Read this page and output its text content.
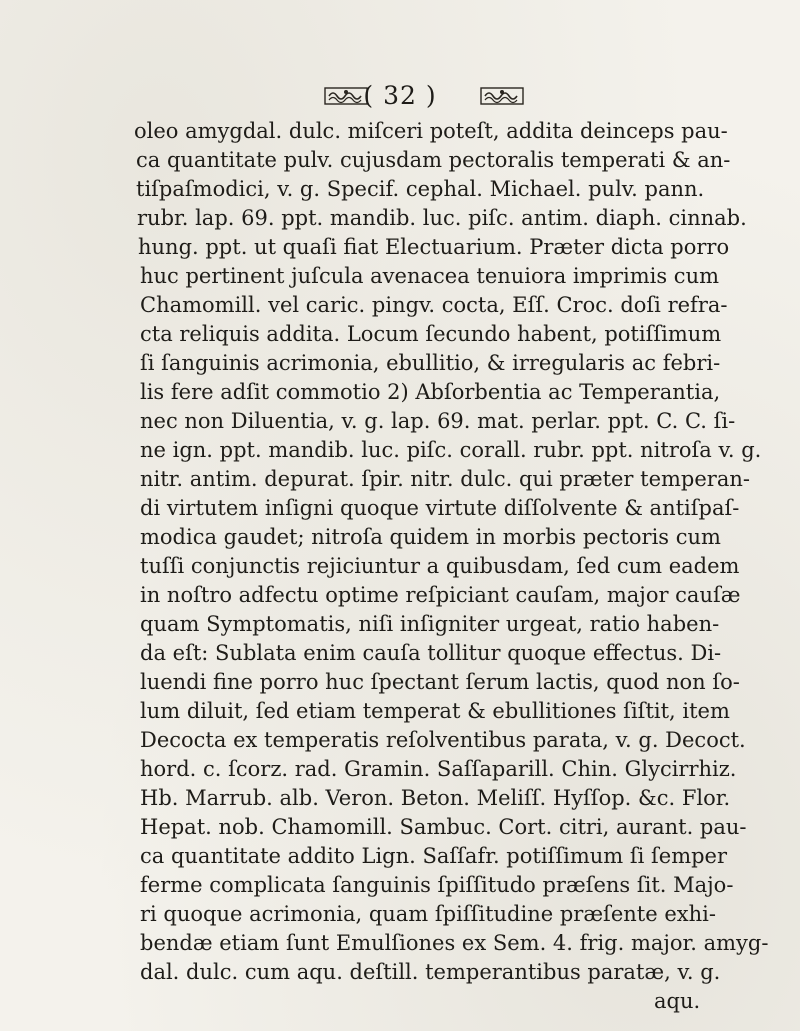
( 32 )
oleo amygdal. dulc. miſceri poteſt, addita deinceps pau-
ca quantitate pulv. cujusdam pectoralis temperati & an-
tiſpaſmodici, v. g. Specif. cephal. Michael. pulv. pann.
rubr. lap. 69. ppt. mandib. luc. piſc. antim. diaph. cinnab.
hung. ppt. ut quaſi fiat Electuarium. Præter dicta porro
huc pertinent juſcula avenacea tenuiora imprimis cum
Chamomill. vel caric. pingv. cocta, Eſſ. Croc. doſi refra-
cta reliquis addita. Locum ſecundo habent, potiſſimum
ſi ſanguinis acrimonia, ebullitio, & irregularis ac febri-
lis fere adſit commotio 2) Abſorbentia ac Temperantia,
nec non Diluentia, v. g. lap. 69. mat. perlar. ppt. C. C. ſi-
ne ign. ppt. mandib. luc. piſc. corall. rubr. ppt. nitroſa v. g.
nitr. antim. depurat. ſpir. nitr. dulc. qui præter temperan-
di virtutem inſigni quoque virtute diſſolvente & antiſpaſ-
modica gaudet; nitroſa quidem in morbis pectoris cum
tuſſi conjunctis rejiciuntur a quibusdam, ſed cum eadem
in noſtro adfectu optime reſpiciant cauſam, major cauſæ
quam Symptomatis, niſi inſigniter urgeat, ratio haben-
da eſt: Sublata enim cauſa tollitur quoque effectus. Di-
luendi fine porro huc ſpectant ſerum lactis, quod non ſo-
lum diluit, ſed etiam temperat & ebullitiones ſiſtit, item
Decocta ex temperatis reſolventibus parata, v. g. Decoct.
hord. c. ſcorz. rad. Gramin. Saſſaparill. Chin. Glycirrhiz.
Hb. Marrub. alb. Veron. Beton. Meliſſ. Hyſſop. &c. Flor.
Hepat. nob. Chamomill. Sambuc. Cort. citri, aurant. pau-
ca quantitate addito Lign. Saſſafr. potiſſimum ſi ſemper
ferme complicata ſanguinis ſpiſſitudo præſens ſit. Majo-
ri quoque acrimonia, quam ſpiſſitudine præſente exhi-
bendæ etiam ſunt Emulſiones ex Sem. 4. frig. major. amyg-
dal. dulc. cum aqu. deſtill. temperantibus paratæ, v. g.
aqu.
